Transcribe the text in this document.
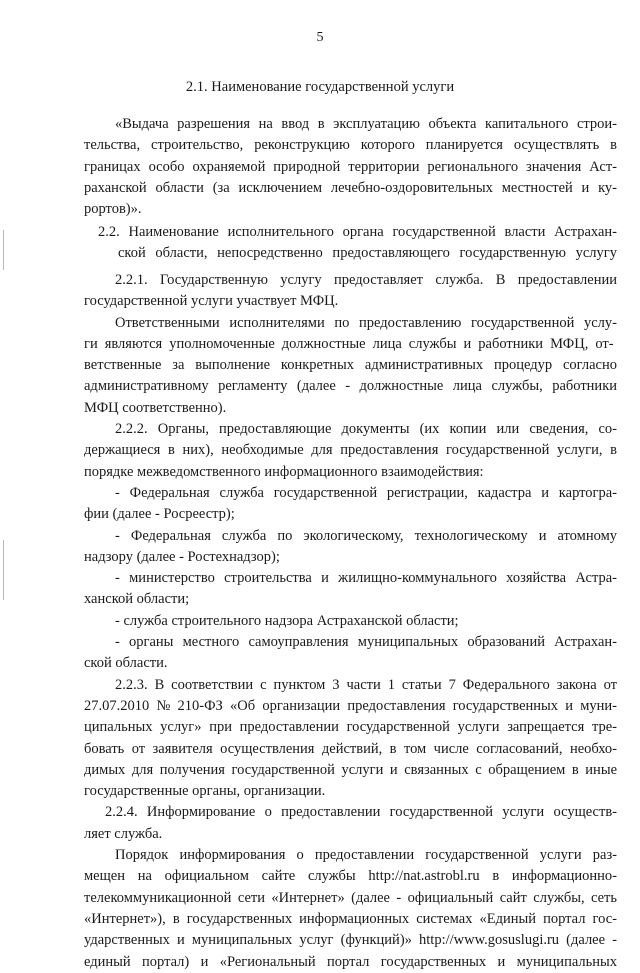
5
2.1. Наименование государственной услуги
«Выдача разрешения на ввод в эксплуатацию объекта капитального строи-
тельства, строительство, реконструкцию которого планируется осуществлять в
границах особо охраняемой природной территории регионального значения Аст-
раханской области (за исключением лечебно-оздоровительных местностей и ку-
рортов)».
2.2. Наименование исполнительного органа государственной власти Астрахан-
ской области, непосредственно предоставляющего государственную услугу
2.2.1. Государственную услугу предоставляет служба. В предоставлении
государственной услуги участвует МФЦ.
Ответственными исполнителями по предоставлению государственной услу-
ги являются уполномоченные должностные лица службы и работники МФЦ, от-
ветственные за выполнение конкретных административных процедур согласно
административному регламенту (далее - должностные лица службы, работники
МФЦ соответственно).
2.2.2. Органы, предоставляющие документы (их копии или сведения, со-
держащиеся в них), необходимые для предоставления государственной услуги, в
порядке межведомственного информационного взаимодействия:
- Федеральная служба государственной регистрации, кадастра и картогра-
фии (далее - Росреестр);
- Федеральная служба по экологическому, технологическому и атомному
надзору (далее - Ростехнадзор);
- министерство строительства и жилищно-коммунального хозяйства Астра-
ханской области;
- служба строительного надзора Астраханской области;
- органы местного самоуправления муниципальных образований Астрахан-
ской области.
2.2.3. В соответствии с пунктом 3 части 1 статьи 7 Федерального закона от
27.07.2010 № 210-ФЗ «Об организации предоставления государственных и муни-
ципальных услуг» при предоставлении государственной услуги запрещается тре-
бовать от заявителя осуществления действий, в том числе согласований, необхо-
димых для получения государственной услуги и связанных с обращением в иные
государственные органы, организации.
2.2.4. Информирование о предоставлении государственной услуги осуществ-
ляет служба.
Порядок информирования о предоставлении государственной услуги раз-
мещен на официальном сайте службы http://nat.astrobl.ru в информационно-
телекоммуникационной сети «Интернет» (далее - официальный сайт службы, сеть
«Интернет»), в государственных информационных системах «Единый портал гос-
ударственных и муниципальных услуг (функций)» http://www.gosuslugi.ru (далее -
единый портал) и «Региональный портал государственных и муниципальных
